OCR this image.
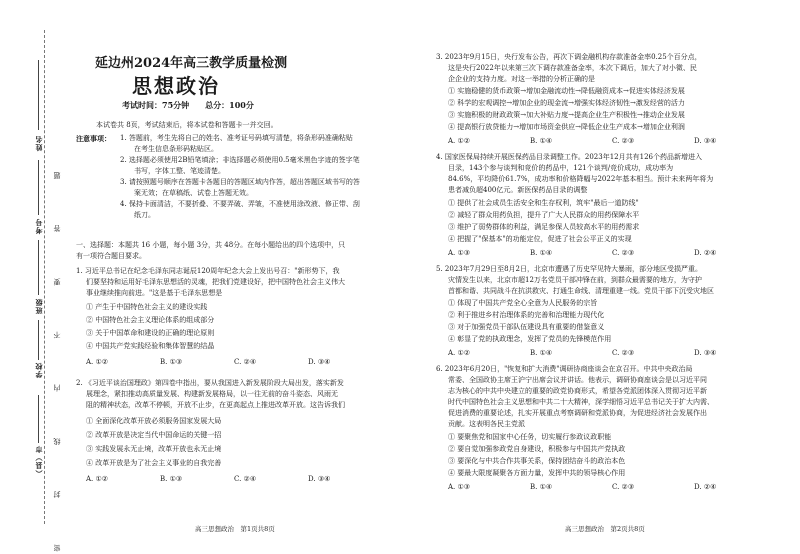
姓名
考号
班级
学校
（县）市 密 封 线 内 不 要 答 题
延边州2024年高三教学质量检测
思想政治
考试时间：75分钟　　总分：100分
本试卷共 8页，考试结束后，将本试卷和答题卡一并交回。
注意事项： 1. 答题前，考生先将自己的姓名、准考证号码填写清楚，将条形码准确粘贴
在考生信息条形码粘贴区。
2. 选择题必须使用2B铅笔填涂；非选择题必须使用0.5毫米黑色字迹的签字笔
书写，字体工整、笔迹清楚。
3. 请按照题号顺序在答题卡各题目的答题区域内作答，超出答题区域书写的答
案无效；在草稿纸、试卷上答题无效。
4. 保持卡面清洁，不要折叠、不要弄破、弄皱，不准使用涂改液、修正带、刮
纸刀。
一、选择题：本题共 16 小题，每小题 3分，共 48分。在每小题给出的四个选项中，只
有一项符合题目要求。
1. 习近平总书记在纪念毛泽东同志诞辰120周年纪念大会上发出号召："新形势下，我
们要坚持和运用好毛泽东思想活的灵魂，把我们党建设好，把中国特色社会主义伟大
事业继续推向前进。"这是基于毛泽东思想是
① 产生于中国特色社会主义的建设实践
② 中国特色社会主义理论体系的组成部分
③ 关于中国革命和建设的正确的理论原则
④ 中国共产党实践经验和集体智慧的结晶
A. ①②	B. ①③	C. ②④	D. ③④
2. 《习近平谈治国理政》第四卷中指出，要从我国进入新发展阶段大局出发，落实新发
展理念，紧扣推动高质量发展、构建新发展格局，以一往无前的奋斗姿态、风雨无
阻的精神状态，改革不停顿，开放不止步，在更高起点上推进改革开放。这告诉我们
① 全面深化改革开放必须服务国家发展大局
② 改革开放是决定当代中国命运的关键一招
③ 实践发展永无止境，改革开放也永无止境
④ 改革开放是为了社会主义事业的自我完善
A. ①②	B. ①③	C. ②④	D. ③④
高三思想政治　第1页共8页
3. 2023年9月15日，央行发布公告，再次下调金融机构存款准备金率0.25个百分点，
这是央行2022年以来第三次下调存款准备金率，本次下调后，加大了对小微、民
企企业的支持力度。对这一举措的分析正确的是
① 实施稳健的货币政策→增加金融流动性→降低融资成本→促进实体经济发展
② 科学的宏观调控→增加企业的现金流→增强实体经济韧性→激发经营的活力
③ 实施积极的财政政策→加大补贴力度→提高企业生产积极性→推动企业发展
④ 提高银行放贷能力→增加市场资金供应→降低企业生产成本→增加企业利润
A. ①②	B. ①④	C. ②③	D. ③④
4. 国家医保局持续开展医保药品目录调整工作。2023年12月共有126个药品新增进入
目录，143个参与谈判和竞价的药品中，121个谈判/竞价成功，成功率为
84.6%，平均降价61.7%，成功率和价格降幅与2022年基本相当。预计未来两年将为
患者减负超400亿元。新医保药品目录的调整
① 提供了社会成员生活安全和生存权利，筑牢"最后一道防线"
② 减轻了群众用药负担，提升了广大人民群众的用药保障水平
③ 维护了弱势群体的利益，满足参保人员较高水平的用药需求
④ 把握了"保基本"的功能定位，促进了社会公平正义的实现
A. ①③	B. ①④	C. ②③	D. ②④
5. 2023年7月29日至8月2日，北京市遭遇了历史罕见特大暴雨，部分地区受损严重。
灾情发生以来，北京市超12万名党员干部冲锋在前，到群众最需要的地方，为守护
首都和谐、共同战斗在抗洪救灾、打通生命线、清理重建一线。党员干部下沉受灾地区
① 体现了中国共产党全心全意为人民服务的宗旨
② 利于推进乡村治理体系的完善和治理能力现代化
③ 对于加强党员干部队伍建设具有重要的借鉴意义
④ 彰显了党的执政理念，发挥了党员的先锋模范作用
A. ①②	B. ①④	C. ②③	D. ③④
6. 2023年6月20日，"恢复和扩大消费"调研协商座谈会在京召开。中共中央政治局
常委、全国政协主席王沪宁出席会议并讲话。他表示，调研协商座谈会是以习近平同
志为核心的中共中央建立的重要的政党协商形式，希望各党派团体深入贯彻习近平新
时代中国特色社会主义思想和中共二十大精神，深学细悟习近平总书记关于扩大内需、
促进消费的重要论述，扎实开展重点考察调研和党派协商，为促进经济社会发展作出
贡献。这表明各民主党派
① 要聚焦党和国家中心任务，切实履行参政议政职能
② 要自觉加强参政党自身建设，积极参与中国共产党执政
③ 要深化与中共合作共事关系，保持团结奋斗的政治本色
④ 要最大限度凝聚各方面力量，发挥中共的领导核心作用
A. ①③	B. ①④	C. ②③	D. ②④
高三思想政治　第2页共8页
